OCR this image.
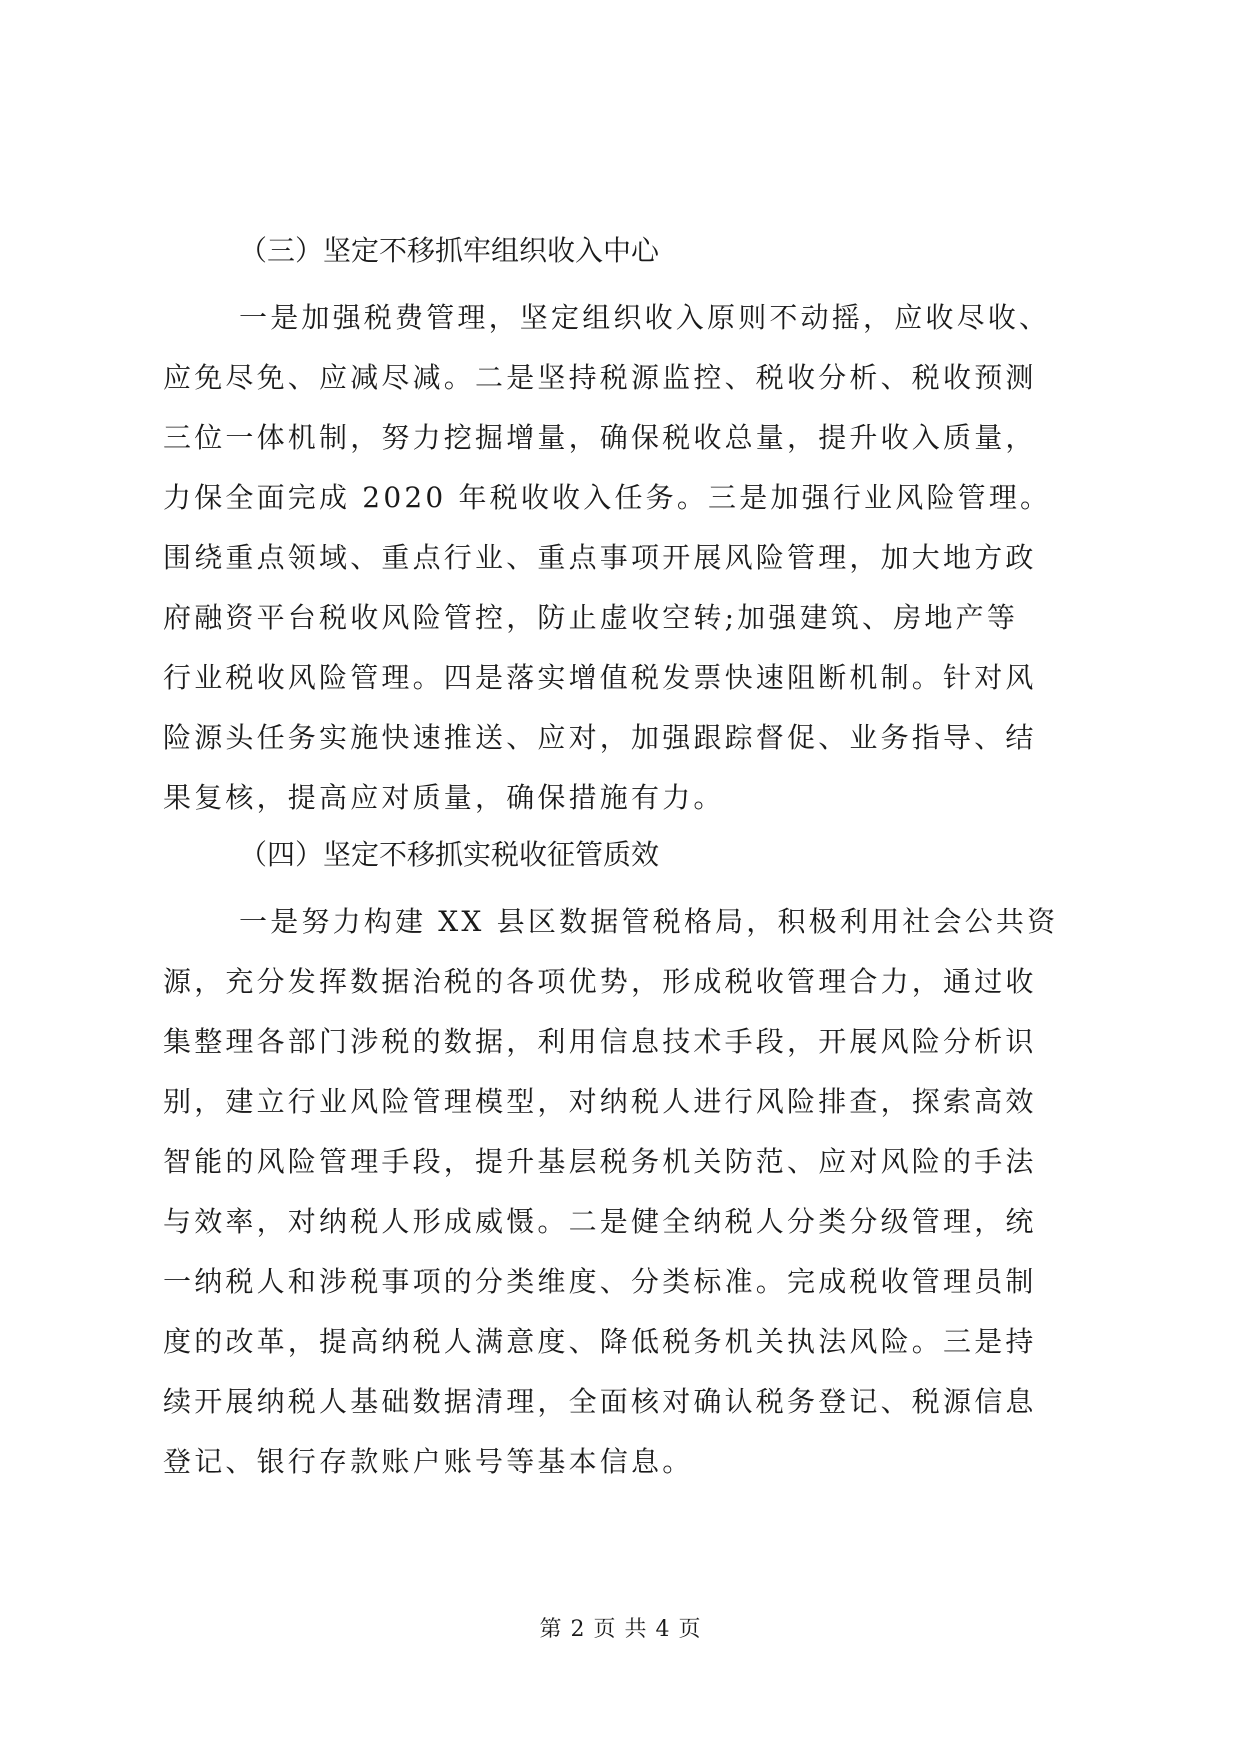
（三）坚定不移抓牢组织收入中心
一是加强税费管理，坚定组织收入原则不动摇，应收尽收、
应免尽免、应减尽减。二是坚持税源监控、税收分析、税收预测
三位一体机制，努力挖掘增量，确保税收总量，提升收入质量，
力保全面完成 2020 年税收收入任务。三是加强行业风险管理。
围绕重点领域、重点行业、重点事项开展风险管理，加大地方政
府融资平台税收风险管控，防止虚收空转;加强建筑、房地产等
行业税收风险管理。四是落实增值税发票快速阻断机制。针对风
险源头任务实施快速推送、应对，加强跟踪督促、业务指导、结
果复核，提高应对质量，确保措施有力。
（四）坚定不移抓实税收征管质效
一是努力构建 XX 县区数据管税格局，积极利用社会公共资
源，充分发挥数据治税的各项优势，形成税收管理合力，通过收
集整理各部门涉税的数据，利用信息技术手段，开展风险分析识
别，建立行业风险管理模型，对纳税人进行风险排查，探索高效
智能的风险管理手段，提升基层税务机关防范、应对风险的手法
与效率，对纳税人形成威慑。二是健全纳税人分类分级管理，统
一纳税人和涉税事项的分类维度、分类标准。完成税收管理员制
度的改革，提高纳税人满意度、降低税务机关执法风险。三是持
续开展纳税人基础数据清理，全面核对确认税务登记、税源信息
登记、银行存款账户账号等基本信息。
第 2 页 共 4 页
